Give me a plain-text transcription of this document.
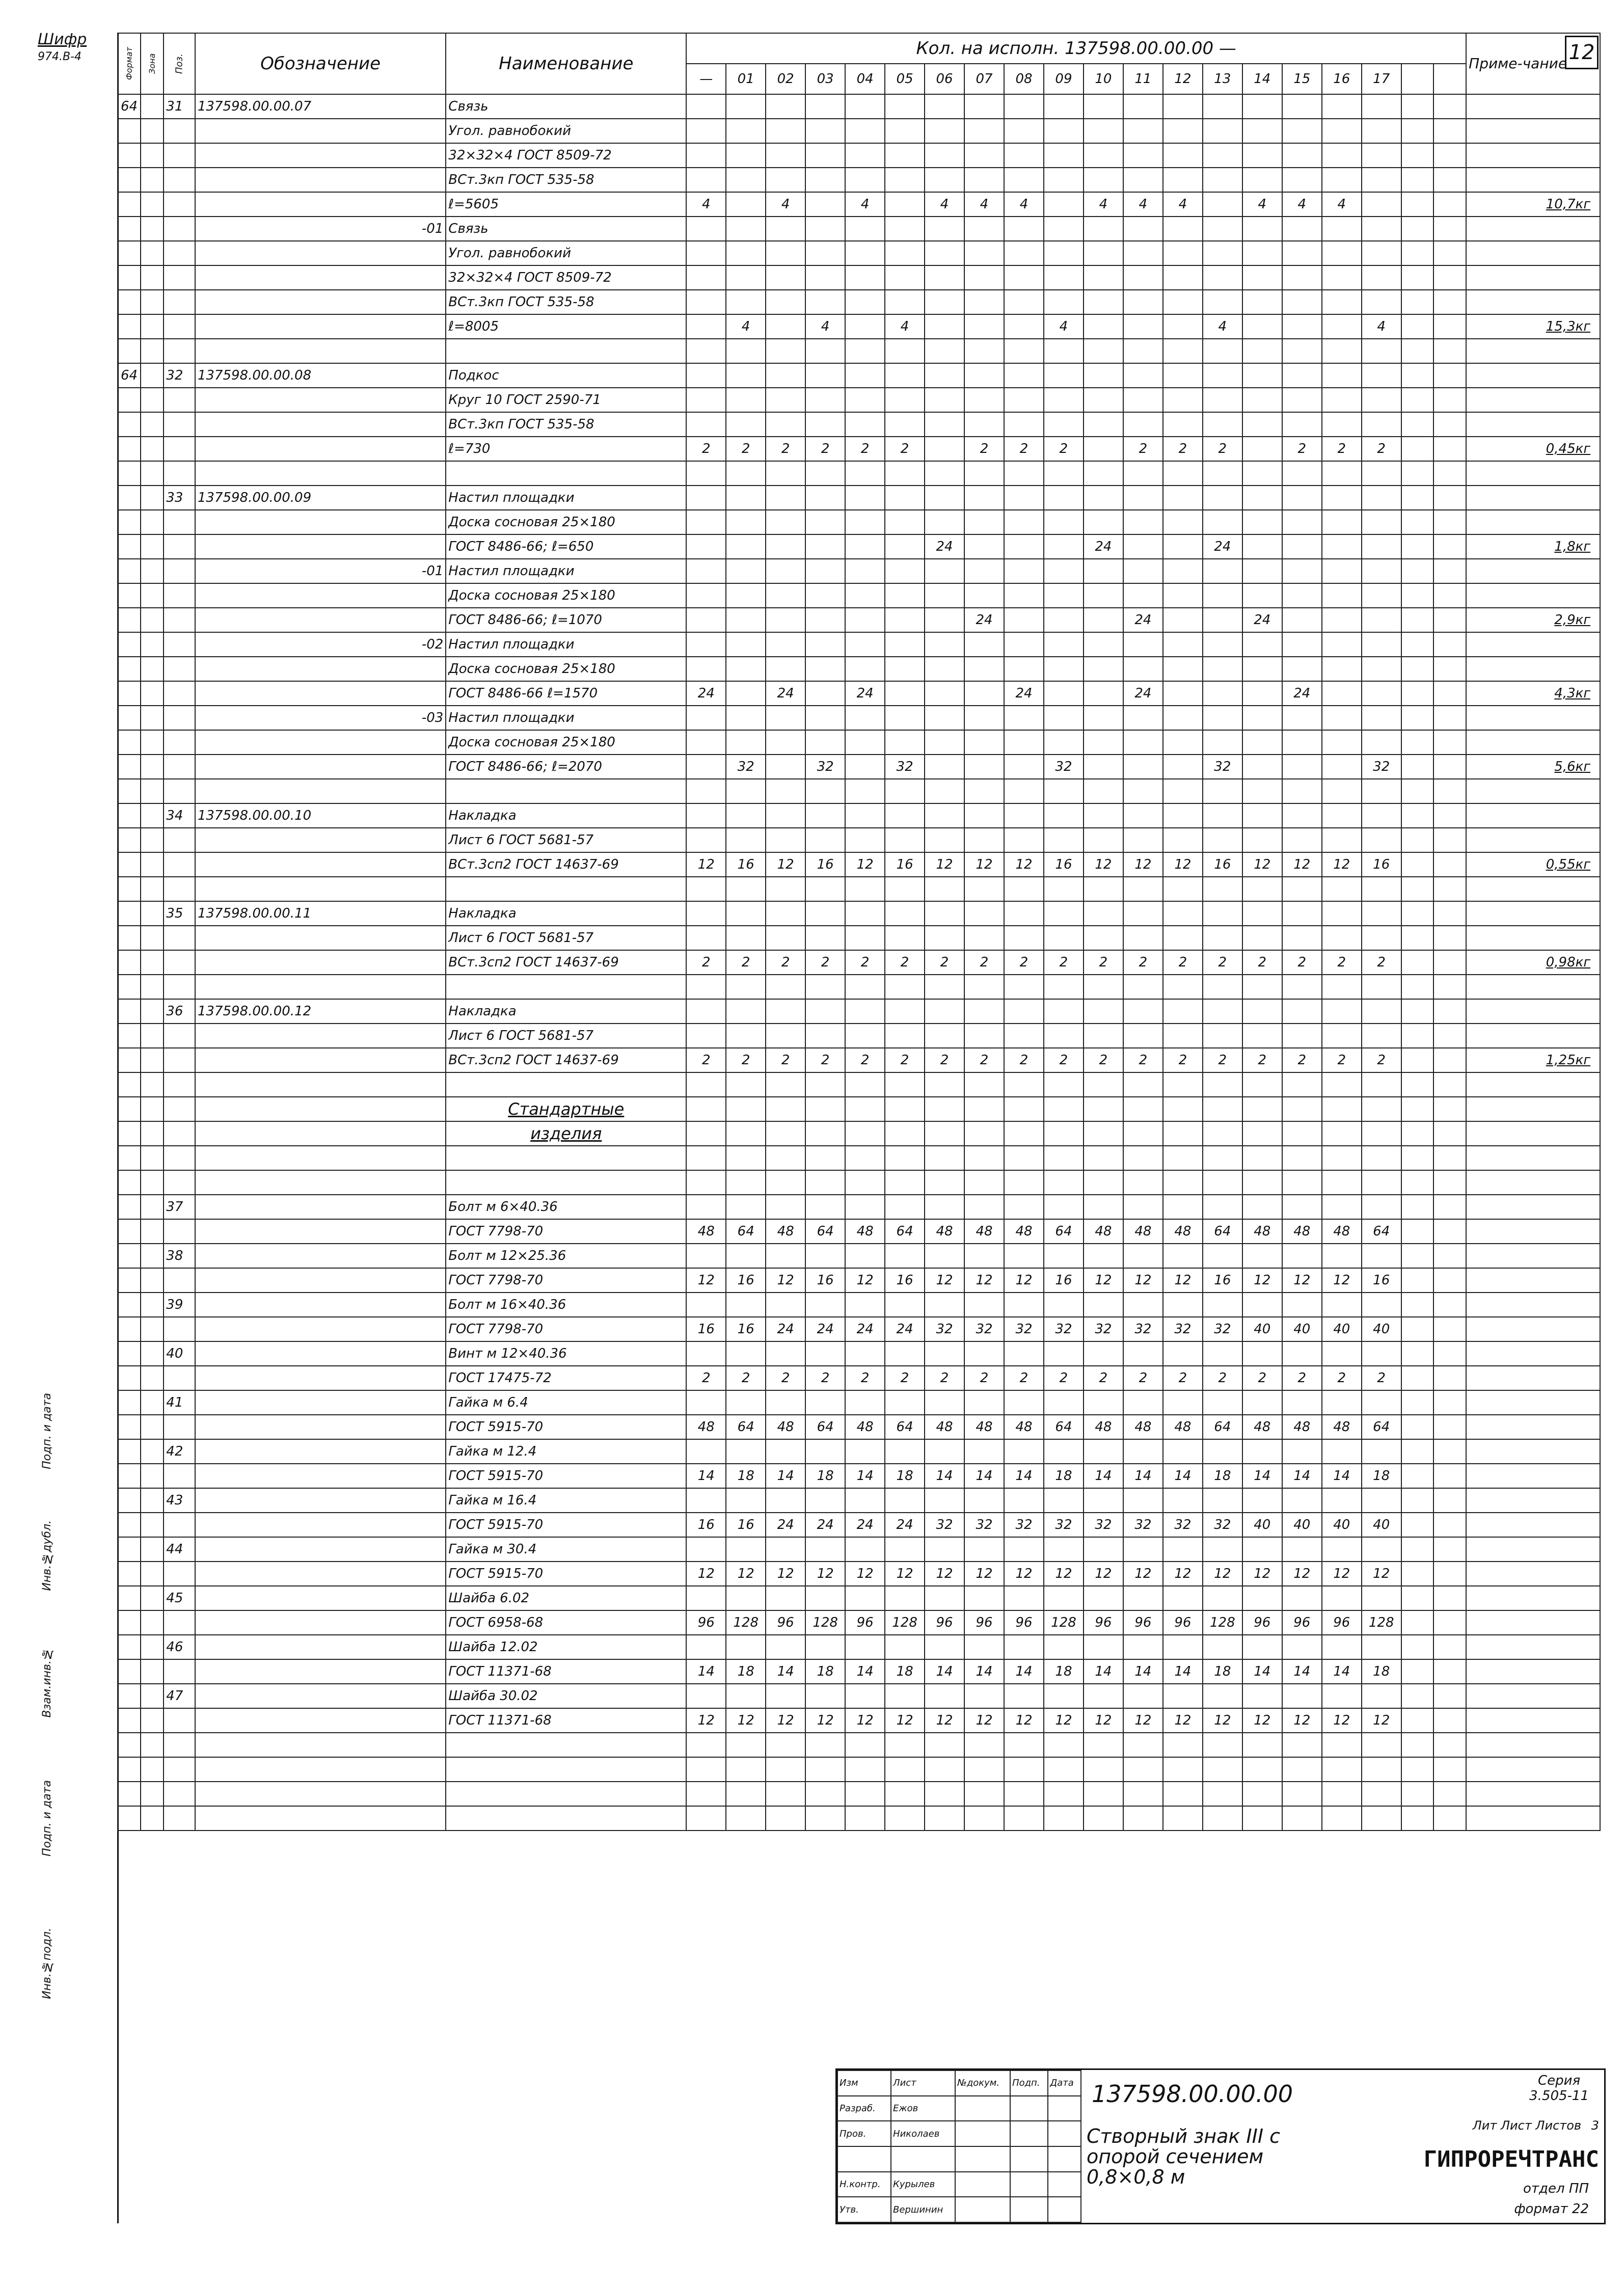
Шифр
974.В-4
Инв.№подл.
Подп. и дата
Взам.инв.№
Инв.№дубл.
Подп. и дата
Формат	Зона	Поз.	Обозначение	Наименование	Кол. на исполн. 137598.00.00.00 —																				Приме-чание
					—	01	02	03	04	05	06	07	08	09	10	11	12	13	14	15	16	17			
64		31	137598.00.00.07	Связь																					
				Угол. равнобокий																					
				32×32×4 ГОСТ 8509-72																					
				ВСт.3кп ГОСТ 535-58																					
				ℓ=5605	4		4		4		4	4	4		4	4	4		4	4	4				10,7кг
			-01	Связь																					
				Угол. равнобокий																					
				32×32×4 ГОСТ 8509-72																					
				ВСт.3кп ГОСТ 535-58																					
				ℓ=8005		4		4		4				4				4				4			15,3кг

64		32	137598.00.00.08	Подкос																					
				Круг 10 ГОСТ 2590-71																					
				ВСт.3кп ГОСТ 535-58																					
				ℓ=730	2	2	2	2	2	2		2	2	2		2	2	2		2	2	2			0,45кг

		33	137598.00.00.09	Настил площадки																					
				Доска сосновая 25×180																					
				ГОСТ 8486-66; ℓ=650							24				24			24							1,8кг
			-01	Настил площадки																					
				Доска сосновая 25×180																					
				ГОСТ 8486-66; ℓ=1070								24				24			24						2,9кг
			-02	Настил площадки																					
				Доска сосновая 25×180																					
				ГОСТ 8486-66 ℓ=1570	24		24		24				24			24				24					4,3кг
			-03	Настил площадки																					
				Доска сосновая 25×180																					
				ГОСТ 8486-66; ℓ=2070		32		32		32				32				32				32			5,6кг

		34	137598.00.00.10	Накладка																					
				Лист 6 ГОСТ 5681-57																					
				ВСт.3сп2 ГОСТ 14637-69	12	16	12	16	12	16	12	12	12	16	12	12	12	16	12	12	12	16			0,55кг

		35	137598.00.00.11	Накладка																					
				Лист 6 ГОСТ 5681-57																					
				ВСт.3сп2 ГОСТ 14637-69	2	2	2	2	2	2	2	2	2	2	2	2	2	2	2	2	2	2			0,98кг

		36	137598.00.00.12	Накладка																					
				Лист 6 ГОСТ 5681-57																					
				ВСт.3сп2 ГОСТ 14637-69	2	2	2	2	2	2	2	2	2	2	2	2	2	2	2	2	2	2			1,25кг

				Стандартные																					
				изделия																					

		37		Болт м 6×40.36																					
				ГОСТ 7798-70	48	64	48	64	48	64	48	48	48	64	48	48	48	64	48	48	48	64			
		38		Болт м 12×25.36																					
				ГОСТ 7798-70	12	16	12	16	12	16	12	12	12	16	12	12	12	16	12	12	12	16			
		39		Болт м 16×40.36																					
				ГОСТ 7798-70	16	16	24	24	24	24	32	32	32	32	32	32	32	32	40	40	40	40			
		40		Винт м 12×40.36																					
				ГОСТ 17475-72	2	2	2	2	2	2	2	2	2	2	2	2	2	2	2	2	2	2			
		41		Гайка м 6.4																					
				ГОСТ 5915-70	48	64	48	64	48	64	48	48	48	64	48	48	48	64	48	48	48	64			
		42		Гайка м 12.4																					
				ГОСТ 5915-70	14	18	14	18	14	18	14	14	14	18	14	14	14	18	14	14	14	18			
		43		Гайка м 16.4																					
				ГОСТ 5915-70	16	16	24	24	24	24	32	32	32	32	32	32	32	32	40	40	40	40			
		44		Гайка м 30.4																					
				ГОСТ 5915-70	12	12	12	12	12	12	12	12	12	12	12	12	12	12	12	12	12	12			
		45		Шайба 6.02																					
				ГОСТ 6958-68	96	128	96	128	96	128	96	96	96	128	96	96	96	128	96	96	96	128			
		46		Шайба 12.02																					
				ГОСТ 11371-68	14	18	14	18	14	18	14	14	14	18	14	14	14	18	14	14	14	18			
		47		Шайба 30.02																					
				ГОСТ 11371-68	12	12	12	12	12	12	12	12	12	12	12	12	12	12	12	12	12	12			

12
Изм	Лист	№докум.	Подп.	Дата
Разраб.	Ежов			
Пров.	Николаев			

Н.контр.	Курылев			
Утв.	Вершинин			
137598.00.00.00	Серия
3.505-11
Створный знак III с опорой сечением 0,8×0,8 м
Лит Лист Листов 3
ГИПРОРЕЧТРАНС
отдел ПП
формат 22
